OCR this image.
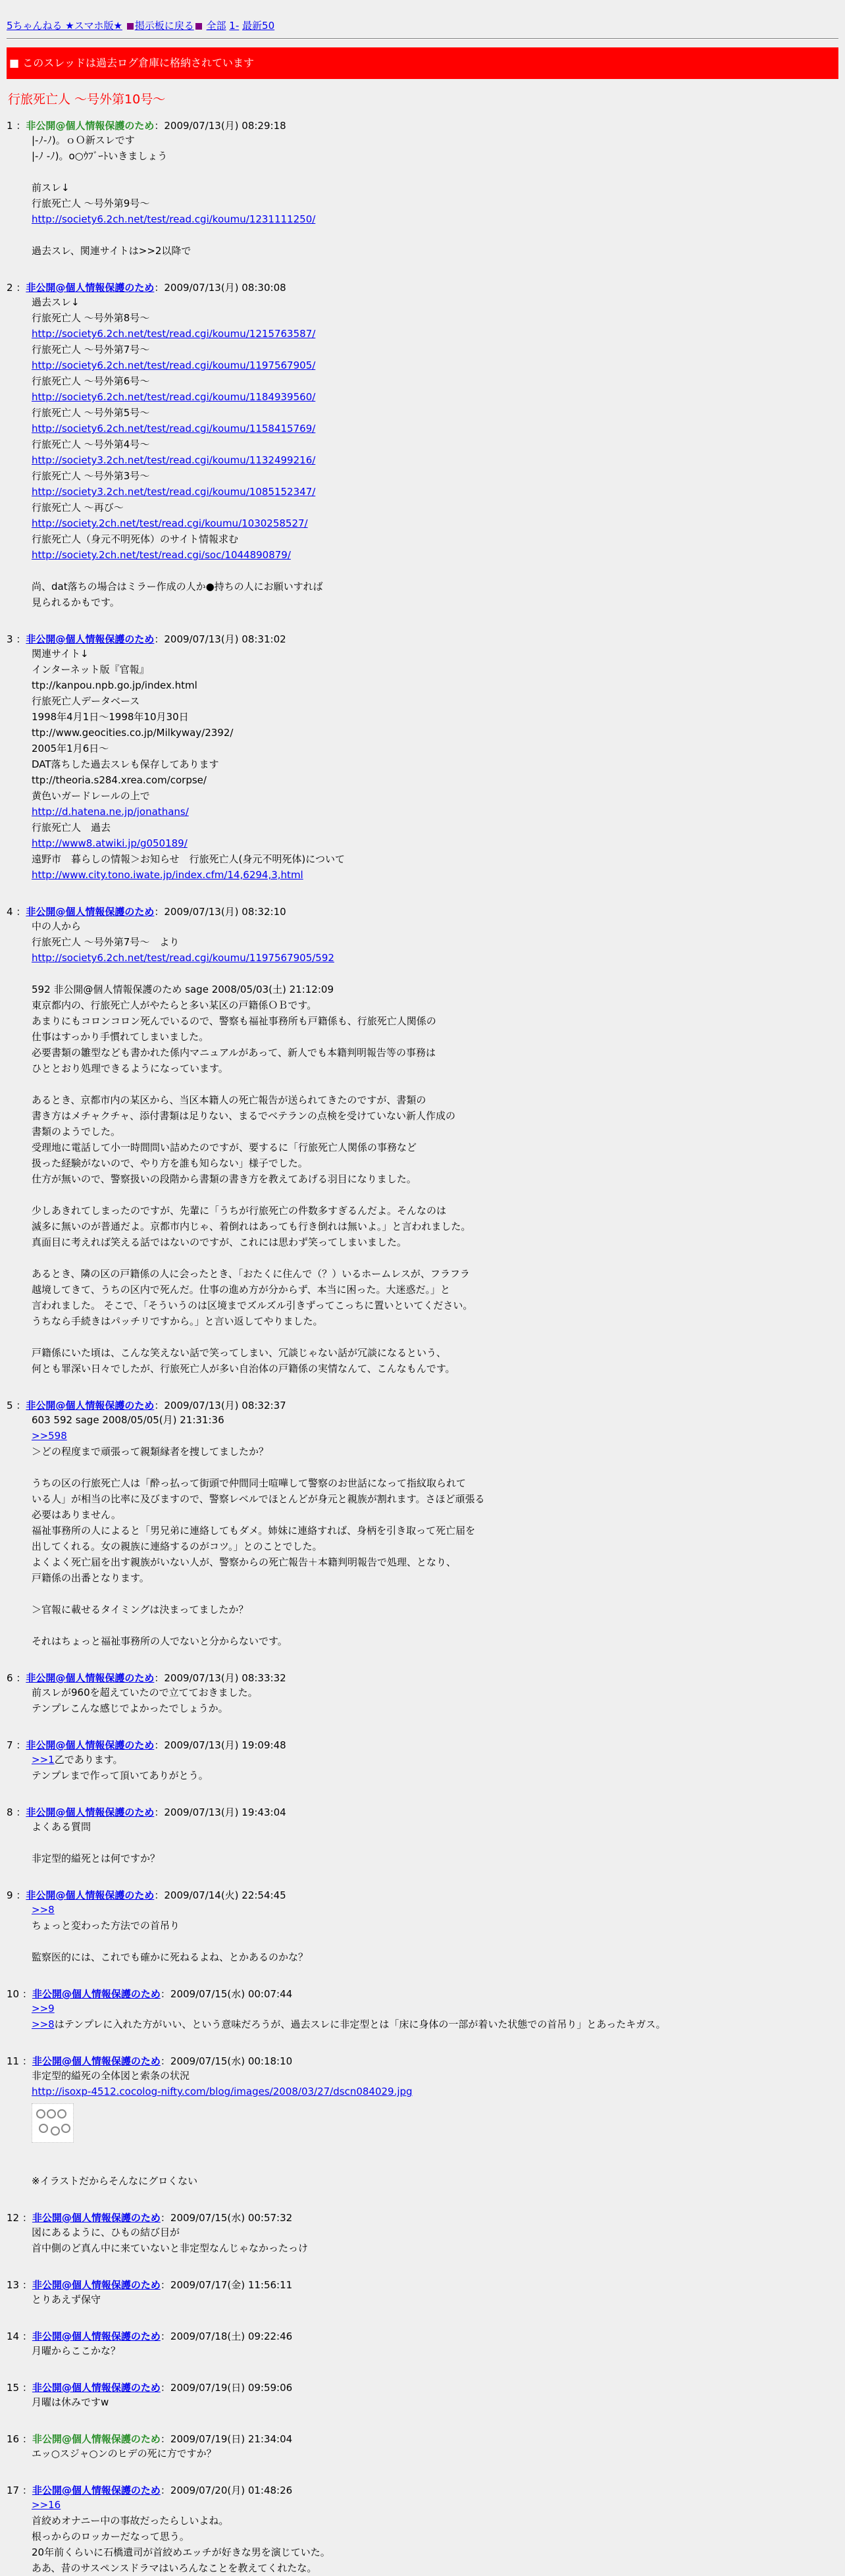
5ちゃんねる ★スマホ版★ 掲示板に戻る 全部 1- 最新50
■ このスレッドは過去ログ倉庫に格納されています
行旅死亡人 〜号外第10号〜
1 ：非公開@個人情報保護のため：2009/07/13(月) 08:29:18
|-ﾉ-ﾉ)。ｏＯ新スレです
|-ﾉ -ﾉ)。o○ｳﾌﾞｰﾄいきましょう

前スレ↓
行旅死亡人 〜号外第9号〜
http://society6.2ch.net/test/read.cgi/koumu/1231111250/

過去スレ、関連サイトは>>2以降で
2 ：非公開@個人情報保護のため：2009/07/13(月) 08:30:08
過去スレ↓
行旅死亡人 〜号外第8号〜
http://society6.2ch.net/test/read.cgi/koumu/1215763587/
行旅死亡人 〜号外第7号〜
http://society6.2ch.net/test/read.cgi/koumu/1197567905/
行旅死亡人 〜号外第6号〜
http://society6.2ch.net/test/read.cgi/koumu/1184939560/
行旅死亡人 〜号外第5号〜
http://society6.2ch.net/test/read.cgi/koumu/1158415769/
行旅死亡人 〜号外第4号〜
http://society3.2ch.net/test/read.cgi/koumu/1132499216/
行旅死亡人 〜号外第3号〜
http://society3.2ch.net/test/read.cgi/koumu/1085152347/
行旅死亡人 〜再び〜
http://society.2ch.net/test/read.cgi/koumu/1030258527/
行旅死亡人（身元不明死体）のサイト情報求む
http://society.2ch.net/test/read.cgi/soc/1044890879/

尚、dat落ちの場合はミラー作成の人か●持ちの人にお願いすれば
見られるかもです。
3 ：非公開@個人情報保護のため：2009/07/13(月) 08:31:02
関連サイト↓
インターネット版『官報』
ttp://kanpou.npb.go.jp/index.html
行旅死亡人データベース
1998年4月1日〜1998年10月30日
ttp://www.geocities.co.jp/Milkyway/2392/
2005年1月6日〜
DAT落ちした過去スレも保存してあります
ttp://theoria.s284.xrea.com/corpse/
黄色いガードレールの上で
http://d.hatena.ne.jp/jonathans/
行旅死亡人　過去
http://www8.atwiki.jp/g050189/
遠野市　暮らしの情報＞お知らせ　行旅死亡人(身元不明死体)について
http://www.city.tono.iwate.jp/index.cfm/14,6294,3,html
4 ：非公開@個人情報保護のため：2009/07/13(月) 08:32:10
中の人から
行旅死亡人 〜号外第7号〜　より
http://society6.2ch.net/test/read.cgi/koumu/1197567905/592

592 非公開@個人情報保護のため sage 2008/05/03(土) 21:12:09
東京都内の、行旅死亡人がやたらと多い某区の戸籍係ＯＢです。
あまりにもコロンコロン死んでいるので、警察も福祉事務所も戸籍係も、行旅死亡人関係の
仕事はすっかり手慣れてしまいました。
必要書類の雛型なども書かれた係内マニュアルがあって、新人でも本籍判明報告等の事務は
ひととおり処理できるようになっています。

あるとき、京都市内の某区から、当区本籍人の死亡報告が送られてきたのですが、書類の
書き方はメチャクチャ、添付書類は足りない、まるでベテランの点検を受けていない新人作成の
書類のようでした。
受理地に電話して小一時間問い詰めたのですが、要するに「行旅死亡人関係の事務など
扱った経験がないので、やり方を誰も知らない」様子でした。
仕方が無いので、警察扱いの段階から書類の書き方を教えてあげる羽目になりました。

少しあきれてしまったのですが、先輩に「うちが行旅死亡の件数多すぎるんだよ。そんなのは
滅多に無いのが普通だよ。京都市内じゃ、着倒れはあっても行き倒れは無いよ。」と言われました。
真面目に考えれば笑える話ではないのですが、これには思わず笑ってしまいました。

あるとき、隣の区の戸籍係の人に会ったとき、「おたくに住んで（？）いるホームレスが、フラフラ
越境してきて、うちの区内で死んだ。仕事の進め方が分からず、本当に困った。大迷惑だ。」と
言われました。 そこで、「そういうのは区境までズルズル引きずってこっちに置いといてください。
うちなら手続きはパッチリですから。」と言い返してやりました。

戸籍係にいた頃は、こんな笑えない話で笑ってしまい、冗談じゃない話が冗談になるという、
何とも罪深い日々でしたが、行旅死亡人が多い自治体の戸籍係の実情なんて、こんなもんです。
5 ：非公開@個人情報保護のため：2009/07/13(月) 08:32:37
603 592 sage 2008/05/05(月) 21:31:36
>>598
＞どの程度まで頑張って親類縁者を捜してましたか？

うちの区の行旅死亡人は「酔っ払って街頭で仲間同士喧嘩して警察のお世話になって指紋取られて
いる人」が相当の比率に及びますので、警察レベルでほとんどが身元と親族が割れます。さほど頑張る
必要はありません。
福祉事務所の人によると「男兄弟に連絡してもダメ。姉妹に連絡すれば、身柄を引き取って死亡届を
出してくれる。女の親族に連絡するのがコツ。」とのことでした。
よくよく死亡届を出す親族がいない人が、警察からの死亡報告＋本籍判明報告で処理、となり、
戸籍係の出番となります。

＞官報に載せるタイミングは決まってましたか？

それはちょっと福祉事務所の人でないと分からないです。
6 ：非公開@個人情報保護のため：2009/07/13(月) 08:33:32
前スレが960を超えていたので立てておきました。
テンプレこんな感じでよかったでしょうか。
7 ：非公開@個人情報保護のため：2009/07/13(月) 19:09:48
>>1乙であります。
テンプレまで作って頂いてありがとう。
8 ：非公開@個人情報保護のため：2009/07/13(月) 19:43:04
よくある質問

非定型的縊死とは何ですか？
9 ：非公開@個人情報保護のため：2009/07/14(火) 22:54:45
>>8
ちょっと変わった方法での首吊り

監察医的には、これでも確かに死ねるよね、とかあるのかな？
10 ：非公開@個人情報保護のため：2009/07/15(水) 00:07:44
>>9
>>8はテンプレに入れた方がいい、という意味だろうが、過去スレに非定型とは「床に身体の一部が着いた状態での首吊り」とあったキガス。
11 ：非公開@個人情報保護のため：2009/07/15(水) 00:18:10
非定型的縊死の全体図と索条の状況
http://isoxp-4512.cocolog-nifty.com/blog/images/2008/03/27/dscn084029.jpg

※イラストだからそんなにグロくない
12 ：非公開@個人情報保護のため：2009/07/15(水) 00:57:32
図にあるように、ひもの結び目が
首中側のど真ん中に来ていないと非定型なんじゃなかったっけ
13 ：非公開@個人情報保護のため：2009/07/17(金) 11:56:11
とりあえず保守
14 ：非公開@個人情報保護のため：2009/07/18(土) 09:22:46
月曜からここかな？
15 ：非公開@個人情報保護のため：2009/07/19(日) 09:59:06
月曜は休みですw
16 ：非公開@個人情報保護のため：2009/07/19(日) 21:34:04
エッ○スジャ○ンのヒデの死に方ですか？
17 ：非公開@個人情報保護のため：2009/07/20(月) 01:48:26
>>16
首絞めオナニー中の事故だったらしいよね。
根っからのロッカーだなって思う。
20年前くらいに石橋遺司が首絞めエッチが好きな男を演じていた。
ああ、昔のサスペンスドラマはいろんなことを教えてくれたな。
